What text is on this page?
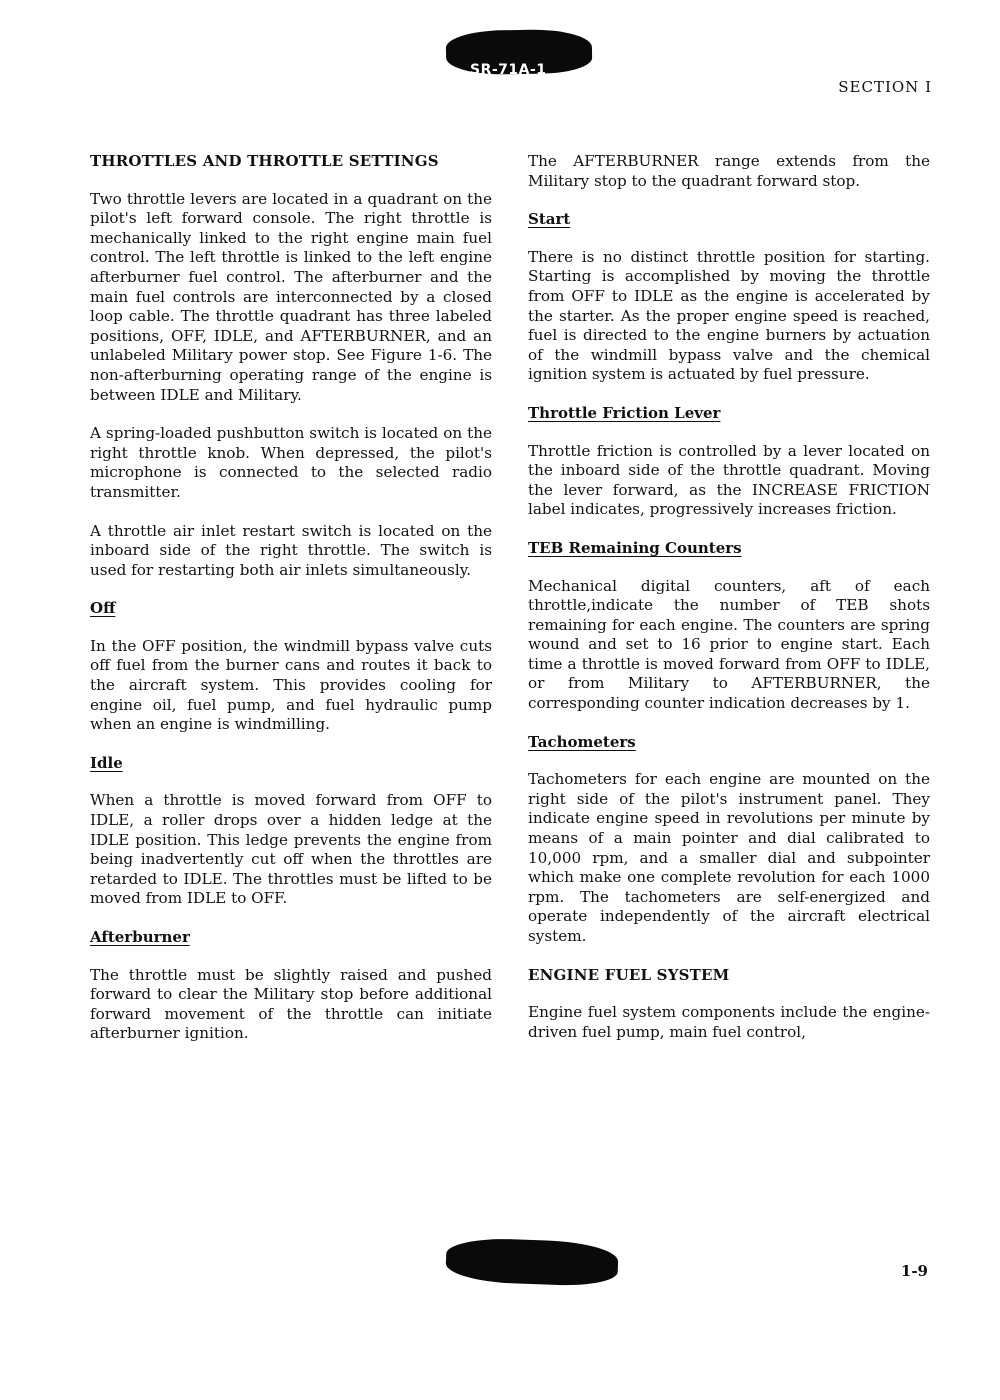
SR-71A-1
SECTION I
THROTTLES AND THROTTLE SETTINGS

Two throttle levers are located in a quadrant on the pilot's left forward console. The right throttle is mechanically linked to the right engine main fuel control. The left throttle is linked to the left engine afterburner fuel control. The afterburner and the main fuel controls are interconnected by a closed loop cable. The throttle quadrant has three labeled positions, OFF, IDLE, and AFTERBURNER, and an unlabeled Military power stop. See Figure 1-6. The non-afterburning operating range of the engine is between IDLE and Military.

A spring-loaded pushbutton switch is located on the right throttle knob. When depressed, the pilot's microphone is connected to the selected radio transmitter.

A throttle air inlet restart switch is located on the inboard side of the right throttle. The switch is used for restarting both air inlets simultaneously.

Off

In the OFF position, the windmill bypass valve cuts off fuel from the burner cans and routes it back to the aircraft system. This provides cooling for engine oil, fuel pump, and fuel hydraulic pump when an engine is windmilling.

Idle

When a throttle is moved forward from OFF to IDLE, a roller drops over a hidden ledge at the IDLE position. This ledge prevents the engine from being inadvertently cut off when the throttles are retarded to IDLE. The throttles must be lifted to be moved from IDLE to OFF.

Afterburner

The throttle must be slightly raised and pushed forward to clear the Military stop before additional forward movement of the throttle can initiate afterburner ignition.

The AFTERBURNER range extends from the Military stop to the quadrant forward stop.

Start

There is no distinct throttle position for starting. Starting is accomplished by moving the throttle from OFF to IDLE as the engine is accelerated by the starter. As the proper engine speed is reached, fuel is directed to the engine burners by actuation of the windmill bypass valve and the chemical ignition system is actuated by fuel pressure.

Throttle Friction Lever

Throttle friction is controlled by a lever located on the inboard side of the throttle quadrant. Moving the lever forward, as the INCREASE FRICTION label indicates, progressively increases friction.

TEB Remaining Counters

Mechanical digital counters, aft of each throttle,indicate the number of TEB shots remaining for each engine. The counters are spring wound and set to 16 prior to engine start. Each time a throttle is moved forward from OFF to IDLE, or from Military to AFTERBURNER, the corresponding counter indication decreases by 1.

Tachometers

Tachometers for each engine are mounted on the right side of the pilot's instrument panel. They indicate engine speed in revolutions per minute by means of a main pointer and dial calibrated to 10,000 rpm, and a smaller dial and subpointer which make one complete revolution for each 1000 rpm. The tachometers are self-energized and operate independently of the aircraft electrical system.

ENGINE FUEL SYSTEM

Engine fuel system components include the engine-driven fuel pump, main fuel control,

1-9
